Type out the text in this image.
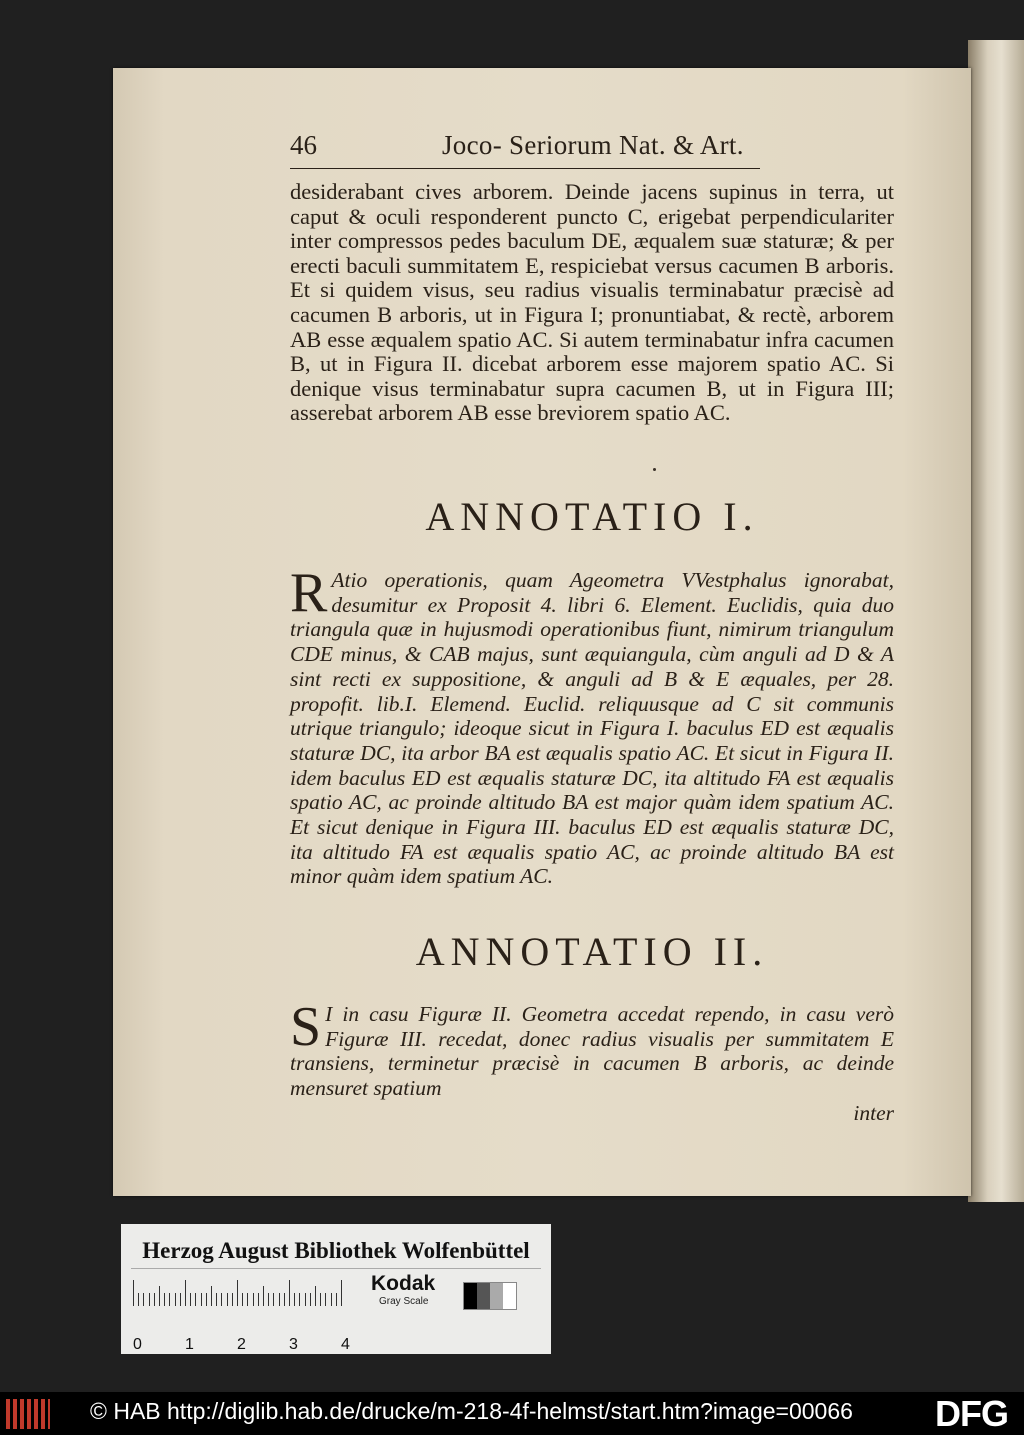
46	Joco- Seriorum Nat. & Art.

desiderabant cives arborem. Deinde jacens supinus in terra, ut caput & oculi responderent puncto C, erigebat perpendiculariter inter compressos pedes baculum DE, æqualem suæ staturæ; & per erecti baculi summitatem E, respiciebat versus cacumen B arboris. Et si quidem visus, seu radius visualis terminabatur præcisè ad cacumen B arboris, ut in Figura I; pronuntiabat, & rectè, arborem AB esse æqualem spatio AC. Si autem terminabatur infra cacumen B, ut in Figura II. dicebat arborem esse majorem spatio AC. Si denique visus terminabatur supra cacumen B, ut in Figura III; asserebat arborem AB esse breviorem spatio AC.

ANNOTATIO I.
R Atio operationis, quam Ageometra VVestphalus ignorabat, desumitur ex Proposit 4. libri 6. Element. Euclidis, quia duo triangula quæ in hujusmodi operationibus fiunt, nimirum triangulum CDE minus, & CAB majus, sunt æquiangula, cùm anguli ad D & A sint recti ex suppositione, & anguli ad B & E æquales, per 28. propofit. lib.I. Elemend. Euclid. reliquusque ad C sit communis utrique triangulo; ideoque sicut in Figura I. baculus ED est æqualis staturæ DC, ita arbor BA est æqualis spatio AC. Et sicut in Figura II. idem baculus ED est æqualis staturæ DC, ita altitudo FA est æqualis spatio AC, ac proinde altitudo BA est major quàm idem spatium AC. Et sicut denique in Figura III. baculus ED est æqualis staturæ DC, ita altitudo FA est æqualis spatio AC, ac proinde altitudo BA est minor quàm idem spatium AC.

ANNOTATIO II.
S I in casu Figuræ II. Geometra accedat rependo, in casu verò Figuræ III. recedat, donec radius visualis per summitatem E transiens, terminetur præcisè in cacumen B arboris, ac deinde mensuret spatium

inter

Herzog August Bibliothek Wolfenbüttel
0	1	2	3	4
Kodak
Gray Scale
© HAB http://diglib.hab.de/drucke/m-218-4f-helmst/start.htm?image=00066 DFG
